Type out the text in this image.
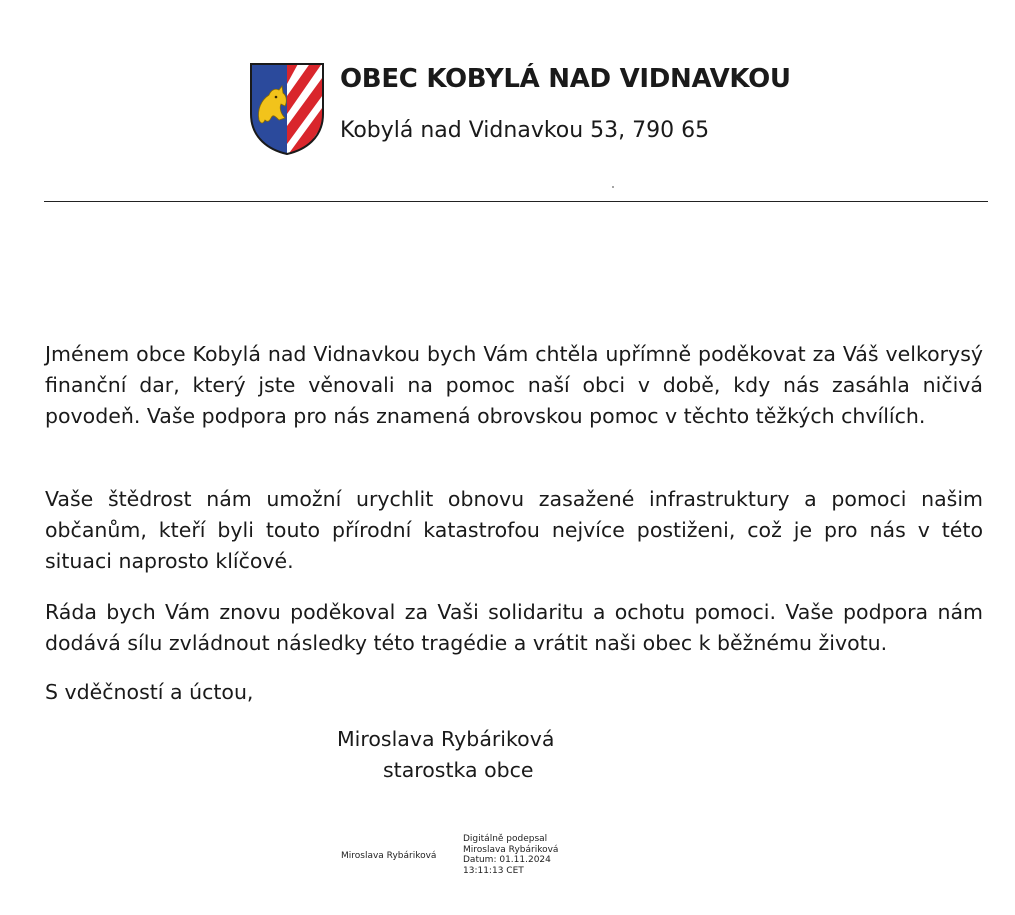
OBEC KOBYLÁ NAD VIDNAVKOU
Kobylá nad Vidnavkou 53, 790 65

Jménem obce Kobylá nad Vidnavkou bych Vám chtěla upřímně poděkovat za Váš velkorysý finanční dar, který jste věnovali na pomoc naší obci v době, kdy nás zasáhla ničivá povodeň. Vaše podpora pro nás znamená obrovskou pomoc v těchto těžkých chvílích.

Vaše štědrost nám umožní urychlit obnovu zasažené infrastruktury a pomoci našim občanům, kteří byli touto přírodní katastrofou nejvíce postiženi, což je pro nás v této situaci naprosto klíčové.

Ráda bych Vám znovu poděkoval za Vaši solidaritu a ochotu pomoci. Vaše podpora nám dodává sílu zvládnout následky této tragédie a vrátit naši obec k běžnému životu.

S vděčností a úctou,

Miroslava Rybáriková
starostka obce
Miroslava Rybáriková
Digitálně podepsal
Miroslava Rybáriková
Datum: 01.11.2024
13:11:13 CET
